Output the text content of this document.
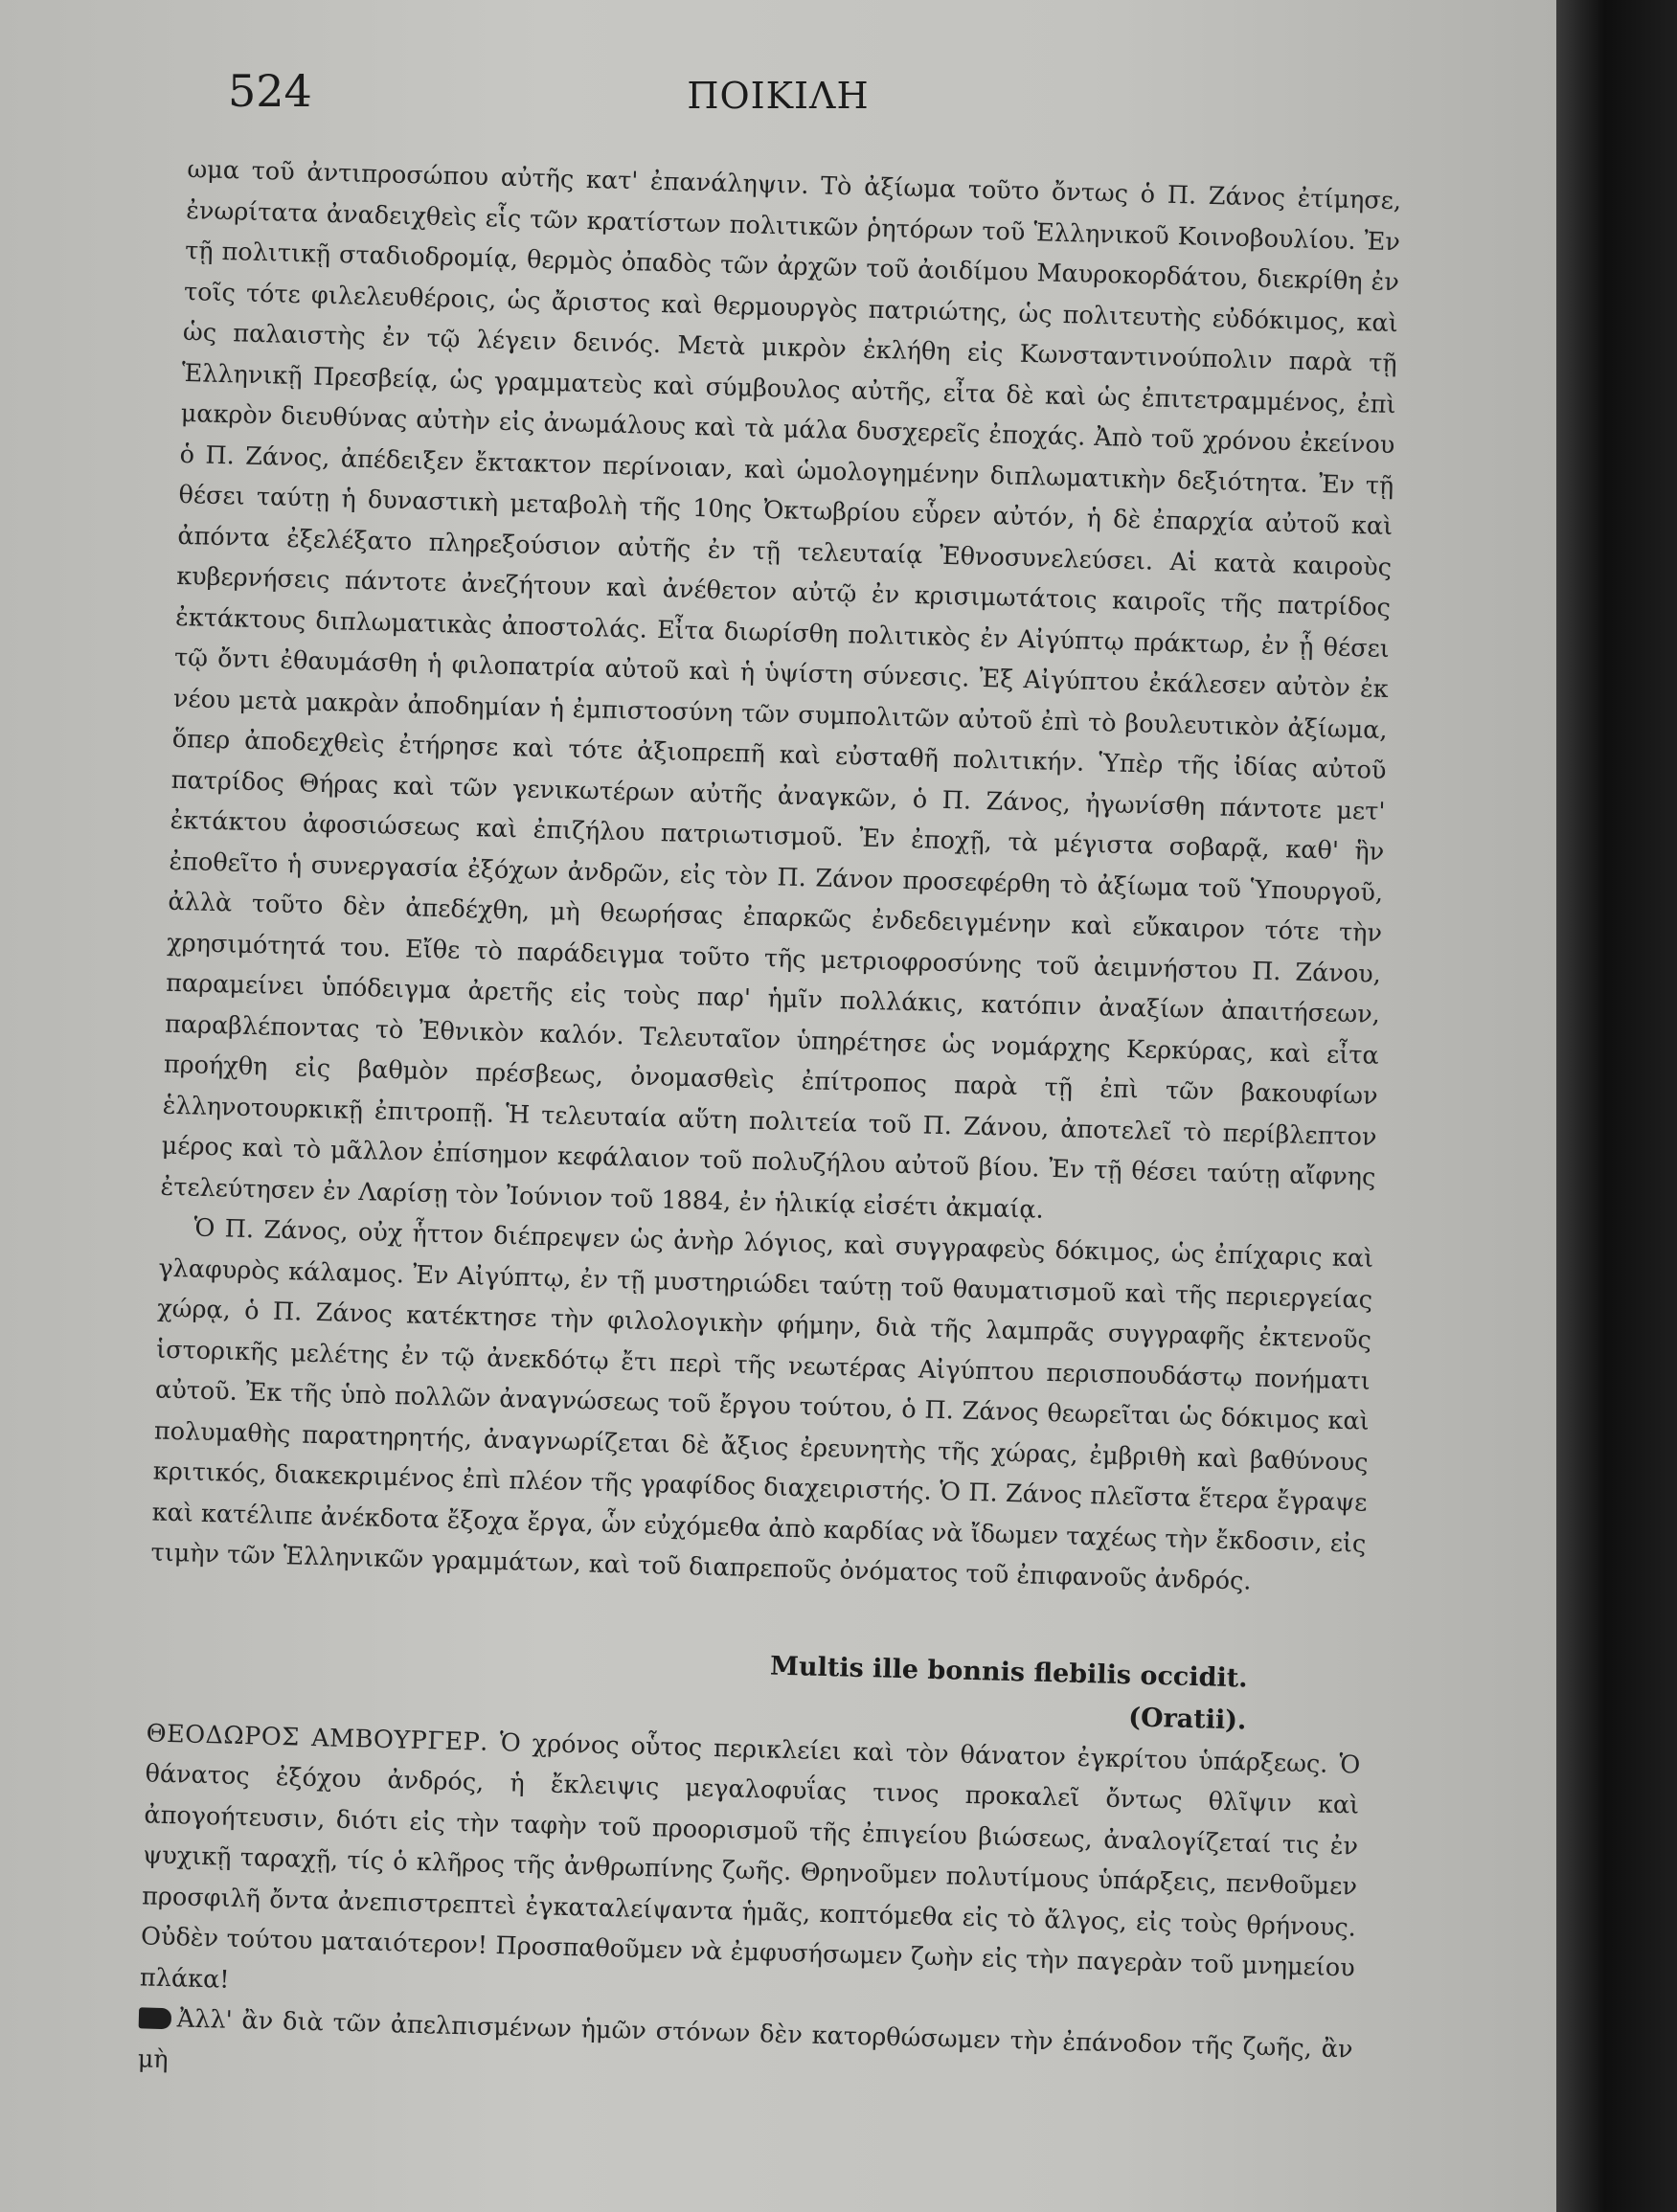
524	ΠΟΙΚΙΛΗ

ωμα τοῦ ἀντιπροσώπου αὐτῆς κατ' ἐπανάληψιν. Τὸ ἀξίωμα τοῦτο ὄντως ὁ Π. Ζάνος ἐτίμησε, ἐνωρίτατα ἀναδειχθεὶς εἷς τῶν κρατίστων πολιτικῶν ῥητόρων τοῦ Ἑλληνικοῦ Κοινοβουλίου. Ἐν τῇ πολιτικῇ σταδιοδρομίᾳ, θερμὸς ὀπαδὸς τῶν ἀρχῶν τοῦ ἀοιδίμου Μαυροκορδάτου, διεκρίθη ἐν τοῖς τότε φιλελευθέροις, ὡς ἄριστος καὶ θερμουργὸς πατριώτης, ὡς πολιτευτὴς εὐδόκιμος, καὶ ὡς παλαιστὴς ἐν τῷ λέγειν δεινός. Μετὰ μικρὸν ἐκλήθη εἰς Κωνσταντινούπολιν παρὰ τῇ Ἑλληνικῇ Πρεσβείᾳ, ὡς γραμματεὺς καὶ σύμβουλος αὐτῆς, εἶτα δὲ καὶ ὡς ἐπιτετραμμένος, ἐπὶ μακρὸν διευθύνας αὐτὴν εἰς ἀνωμάλους καὶ τὰ μάλα δυσχερεῖς ἐποχάς. Ἀπὸ τοῦ χρόνου ἐκείνου ὁ Π. Ζάνος, ἀπέδειξεν ἔκτακτον περίνοιαν, καὶ ὡμολογημένην διπλωματικὴν δεξιότητα. Ἐν τῇ θέσει ταύτῃ ἡ δυναστικὴ μεταβολὴ τῆς 10ης Ὀκτωβρίου εὗρεν αὐτόν, ἡ δὲ ἐπαρχία αὐτοῦ καὶ ἀπόντα ἐξελέξατο πληρεξούσιον αὐτῆς ἐν τῇ τελευταίᾳ Ἐθνοσυνελεύσει. Αἱ κατὰ καιροὺς κυβερνήσεις πάντοτε ἀνεζήτουν καὶ ἀνέθετον αὐτῷ ἐν κρισιμωτάτοις καιροῖς τῆς πατρίδος ἐκτάκτους διπλωματικὰς ἀποστολάς. Εἶτα διωρίσθη πολιτικὸς ἐν Αἰγύπτῳ πράκτωρ, ἐν ᾗ θέσει τῷ ὄντι ἐθαυμάσθη ἡ φιλοπατρία αὐτοῦ καὶ ἡ ὑψίστη σύνεσις. Ἐξ Αἰγύπτου ἐκάλεσεν αὐτὸν ἐκ νέου μετὰ μακρὰν ἀποδημίαν ἡ ἐμπιστοσύνη τῶν συμπολιτῶν αὐτοῦ ἐπὶ τὸ βουλευτικὸν ἀξίωμα, ὅπερ ἀποδεχθεὶς ἐτήρησε καὶ τότε ἀξιοπρεπῆ καὶ εὐσταθῆ πολιτικήν. Ὑπὲρ τῆς ἰδίας αὐτοῦ πατρίδος Θήρας καὶ τῶν γενικωτέρων αὐτῆς ἀναγκῶν, ὁ Π. Ζάνος, ἠγωνίσθη πάντοτε μετ' ἐκτάκτου ἀφοσιώσεως καὶ ἐπιζήλου πατριωτισμοῦ. Ἐν ἐποχῇ, τὰ μέγιστα σοβαρᾷ, καθ' ἣν ἐποθεῖτο ἡ συνεργασία ἐξόχων ἀνδρῶν, εἰς τὸν Π. Ζάνον προσεφέρθη τὸ ἀξίωμα τοῦ Ὑπουργοῦ, ἀλλὰ τοῦτο δὲν ἀπεδέχθη, μὴ θεωρήσας ἐπαρκῶς ἐνδεδειγμένην καὶ εὔκαιρον τότε τὴν χρησιμότητά του. Εἴθε τὸ παράδειγμα τοῦτο τῆς μετριοφροσύνης τοῦ ἀειμνήστου Π. Ζάνου, παραμείνει ὑπόδειγμα ἀρετῆς εἰς τοὺς παρ' ἡμῖν πολλάκις, κατόπιν ἀναξίων ἀπαιτήσεων, παραβλέποντας τὸ Ἐθνικὸν καλόν. Τελευταῖον ὑπηρέτησε ὡς νομάρχης Κερκύρας, καὶ εἶτα προήχθη εἰς βαθμὸν πρέσβεως, ὀνομασθεὶς ἐπίτροπος παρὰ τῇ ἐπὶ τῶν βακουφίων ἑλληνοτουρκικῇ ἐπιτροπῇ. Ἡ τελευταία αὕτη πολιτεία τοῦ Π. Ζάνου, ἀποτελεῖ τὸ περίβλεπτον μέρος καὶ τὸ μᾶλλον ἐπίσημον κεφάλαιον τοῦ πολυζήλου αὐτοῦ βίου. Ἐν τῇ θέσει ταύτῃ αἴφνης ἐτελεύτησεν ἐν Λαρίσῃ τὸν Ἰούνιον τοῦ 1884, ἐν ἡλικίᾳ εἰσέτι ἀκμαίᾳ.

Ὁ Π. Ζάνος, οὐχ ἧττον διέπρεψεν ὡς ἀνὴρ λόγιος, καὶ συγγραφεὺς δόκιμος, ὡς ἐπίχαρις καὶ γλαφυρὸς κάλαμος. Ἐν Αἰγύπτῳ, ἐν τῇ μυστηριώδει ταύτῃ τοῦ θαυματισμοῦ καὶ τῆς περιεργείας χώρᾳ, ὁ Π. Ζάνος κατέκτησε τὴν φιλολογικὴν φήμην, διὰ τῆς λαμπρᾶς συγγραφῆς ἐκτενοῦς ἱστορικῆς μελέτης ἐν τῷ ἀνεκδότῳ ἔτι περὶ τῆς νεωτέρας Αἰγύπτου περισπουδάστῳ πονήματι αὐτοῦ. Ἐκ τῆς ὑπὸ πολλῶν ἀναγνώσεως τοῦ ἔργου τούτου, ὁ Π. Ζάνος θεωρεῖται ὡς δόκιμος καὶ πολυμαθὴς παρατηρητής, ἀναγνωρίζεται δὲ ἄξιος ἐρευνητὴς τῆς χώρας, ἐμβριθὴ καὶ βαθύνους κριτικός, διακεκριμένος ἐπὶ πλέον τῆς γραφίδος διαχειριστής. Ὁ Π. Ζάνος πλεῖστα ἕτερα ἔγραψε καὶ κατέλιπε ἀνέκδοτα ἔξοχα ἔργα, ὧν εὐχόμεθα ἀπὸ καρδίας νὰ ἴδωμεν ταχέως τὴν ἔκδοσιν, εἰς τιμὴν τῶν Ἑλληνικῶν γραμμάτων, καὶ τοῦ διαπρεποῦς ὀνόματος τοῦ ἐπιφανοῦς ἀνδρός.

Multis ille bonnis flebilis occidit.
(Oratii).

ΘΕΟΔΩΡΟΣ ΑΜΒΟΥΡΓΕΡ. Ὁ χρόνος οὗτος περικλείει καὶ τὸν θάνατον ἐγκρίτου ὑπάρξεως. Ὁ θάνατος ἐξόχου ἀνδρός, ἡ ἔκλειψις μεγαλοφυΐας τινος προκαλεῖ ὄντως θλῖψιν καὶ ἀπογοήτευσιν, διότι εἰς τὴν ταφὴν τοῦ προορισμοῦ τῆς ἐπιγείου βιώσεως, ἀναλογίζεταί τις ἐν ψυχικῇ ταραχῇ, τίς ὁ κλῆρος τῆς ἀνθρωπίνης ζωῆς. Θρηνοῦμεν πολυτίμους ὑπάρξεις, πενθοῦμεν προσφιλῆ ὄντα ἀνεπιστρεπτεὶ ἐγκαταλείψαντα ἡμᾶς, κοπτόμεθα εἰς τὸ ἄλγος, εἰς τοὺς θρήνους. Οὐδὲν τούτου ματαιότερον! Προσπαθοῦμεν νὰ ἐμφυσήσωμεν ζωὴν εἰς τὴν παγερὰν τοῦ μνημείου πλάκα!

Ἀλλ' ἂν διὰ τῶν ἀπελπισμένων ἡμῶν στόνων δὲν κατορθώσωμεν τὴν ἐπάνοδον τῆς ζωῆς, ἂν μὴ
